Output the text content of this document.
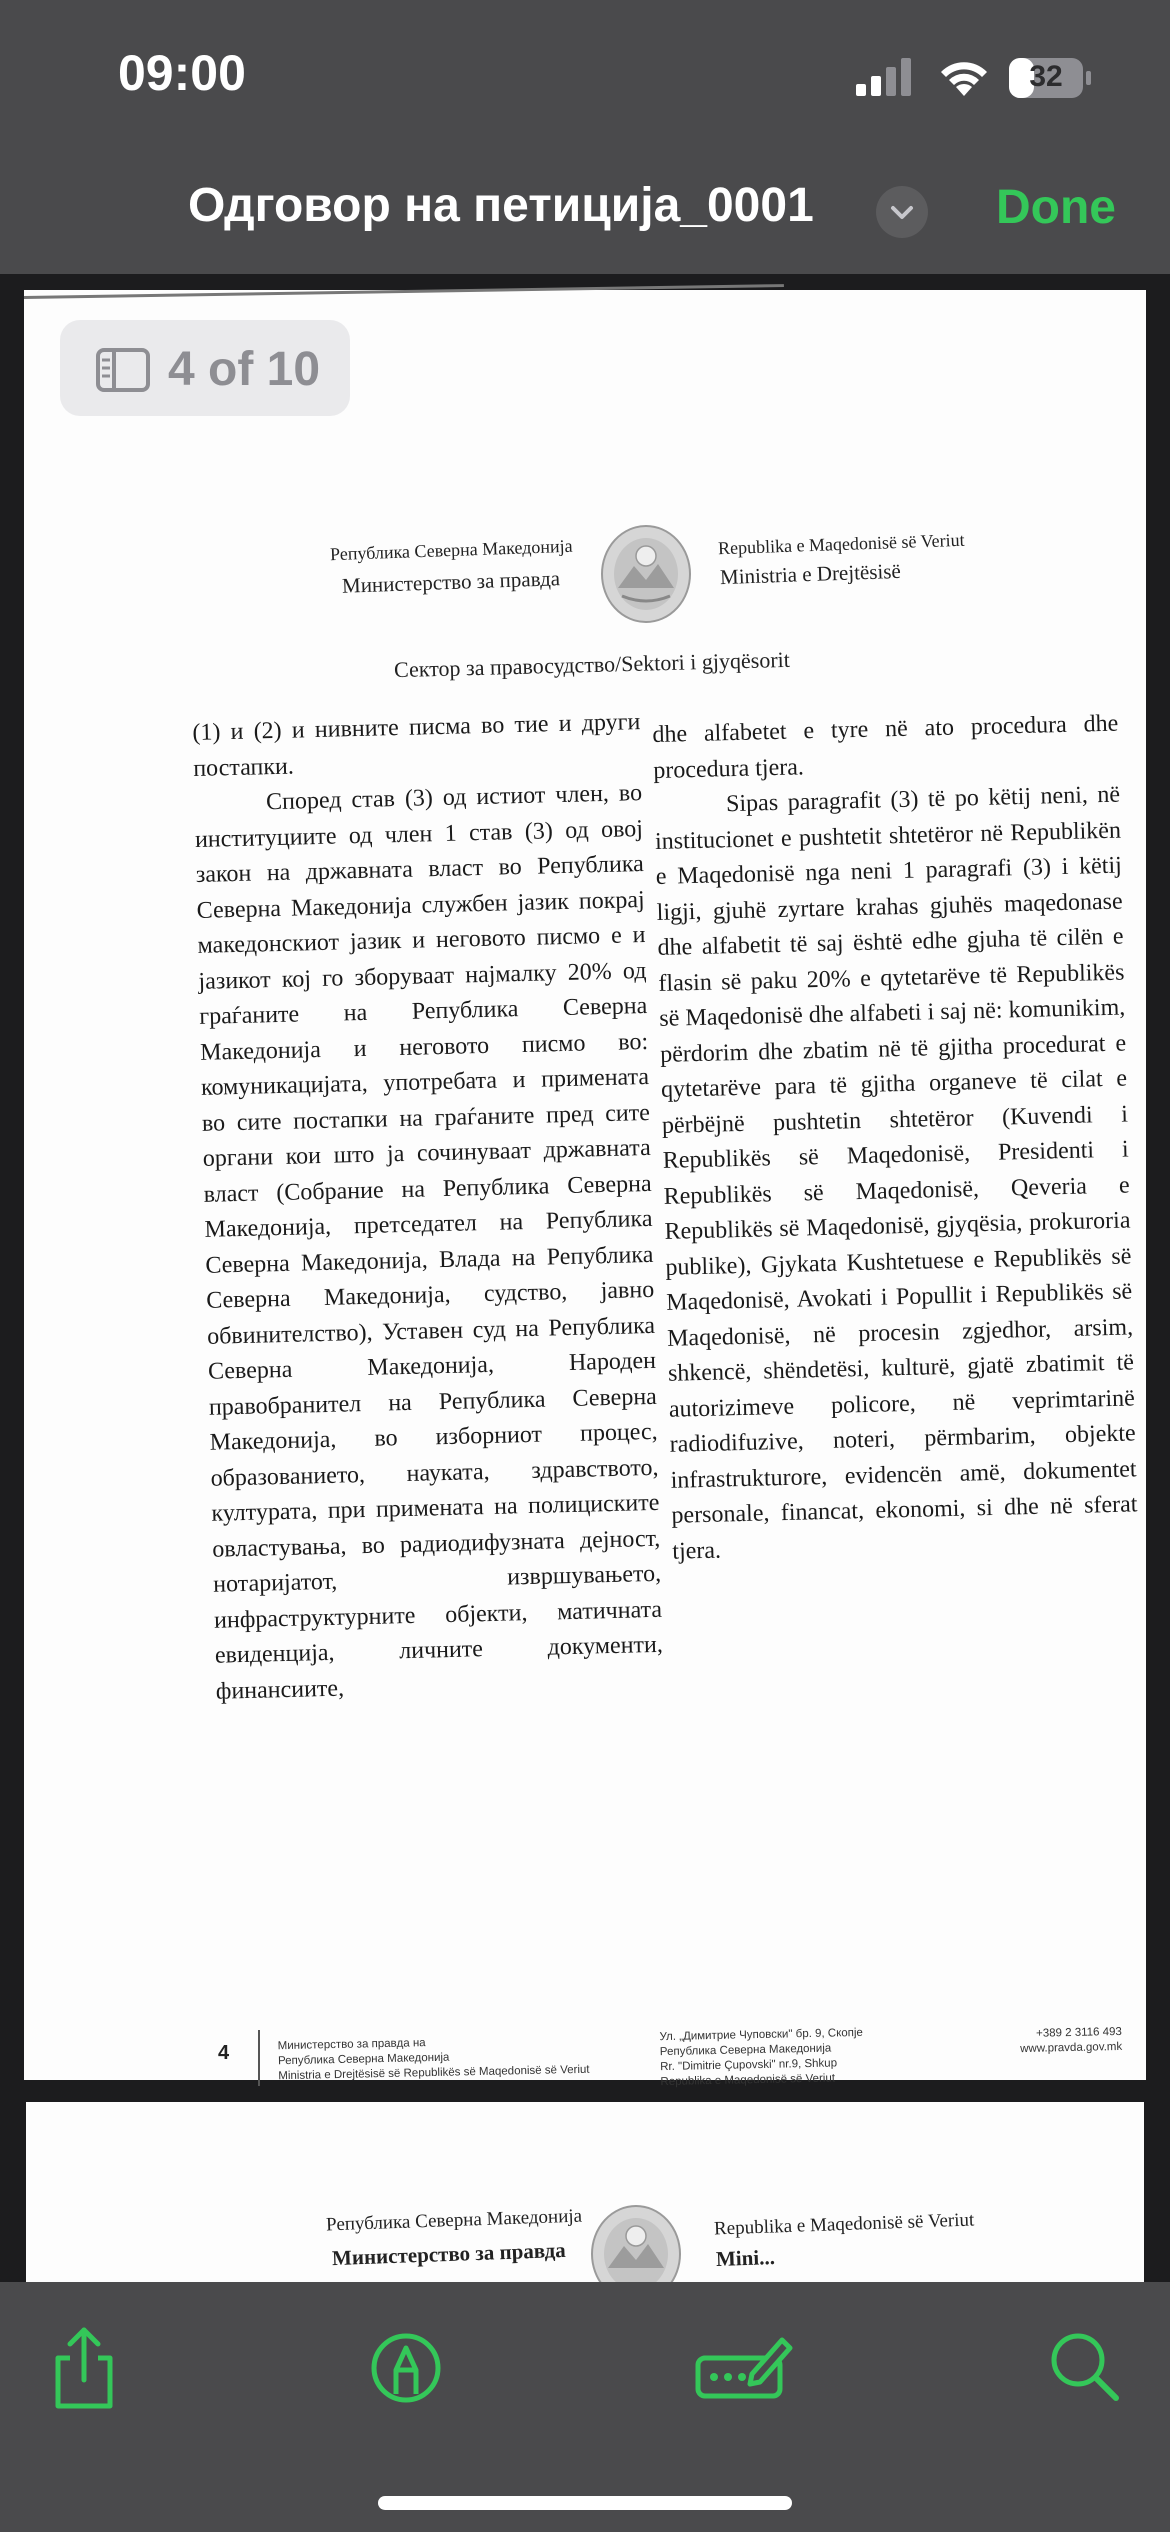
09:00	32
Одговор на петиција_0001	Done
4 of 10
Република Северна Македонија
Министерство за правда
Republika e Maqedonisë së Veriut
Ministria e Drejtësisë
Сектор за правосудство/Sektori i gjyqësorit

(1) и (2) и нивните писма во тие и други постапки.

Според став (3) од истиот член, во институциите од член 1 став (3) од овој закон на државната власт во Република Северна Македонија службен јазик покрај македонскиот јазик и неговото писмо е и јазикот кој го зборуваат најмалку 20% од граѓаните на Република Северна Македонија и неговото писмо во: комуникацијата, употребата и примената во сите постапки на граѓаните пред сите органи кои што ја сочинуваат државната власт (Собрание на Република Северна Македонија, претседател на Република Северна Македонија, Влада на Република Северна Македонија, судство, јавно обвинителство), Уставен суд на Република Северна Македонија, Народен правобранител на Република Северна Македонија, во изборниот процес, образованието, науката, здравството, културата, при примената на полициските овластувања, во радиодифузната дејност, нотаријатот, извршувањето, инфраструктурните објекти, матичната евиденција, личните документи, финансиите,

dhe alfabetet e tyre në ato procedura dhe procedura tjera.

Sipas paragrafit (3) të po këtij neni, në institucionet e pushtetit shtetëror në Republikën e Maqedonisë nga neni 1 paragrafi (3) i këtij ligji, gjuhë zyrtare krahas gjuhës maqedonase dhe alfabetit të saj është edhe gjuha të cilën e flasin së paku 20% e qytetarëve të Republikës së Maqedonisë dhe alfabeti i saj në: komunikim, përdorim dhe zbatim në të gjitha procedurat e qytetarëve para të gjitha organeve të cilat e përbëjnë pushtetin shtetëror (Kuvendi i Republikës së Maqedonisë, Presidenti i Republikës së Maqedonisë, Qeveria e Republikës së Maqedonisë, gjyqësia, prokuroria publike), Gjykata Kushtetuese e Republikës së Maqedonisë, Avokati i Popullit i Republikës së Maqedonisë, në procesin zgjedhor, arsim, shkencë, shëndetësi, kulturë, gjatë zbatimit të autorizimeve policore, në veprimtarinë radiodifuzive, noteri, përmbarim, objekte infrastrukturore, evidencën amë, dokumentet personale, financat, ekonomi, si dhe në sferat tjera.

4	Министерство за правда на
Република Северна Македонија
Ministria e Drejtësisë së Republikës së Maqedonisë së Veriut
Ул. „Димитрие Чуповски" бр. 9, Скопје
Република Северна Македонија
Rr. "Dimitrie Çupovski" nr.9, Shkup
Republika e Maqedonisë së Veriut
+389 2 3116 493
www.pravda.gov.mk
Република Северна Македонија
Министерство за правда
Republika e Maqedonisë së Veriut
Mini...
